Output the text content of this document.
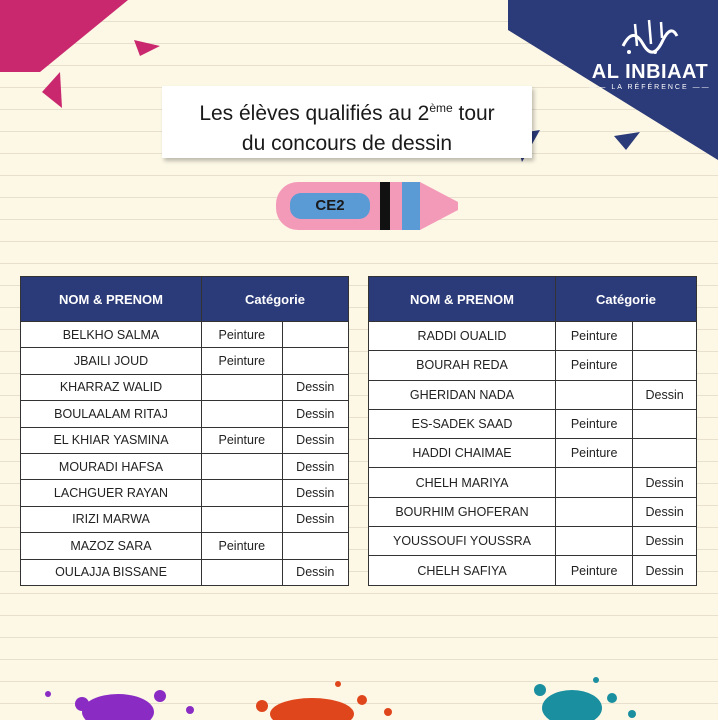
AL INBIAAT
—— LA RÉFÉRENCE ——
Les élèves qualifiés au 2ème tour
du concours de dessin
CE2
NOM & PRENOM	Catégorie	
BELKHO SALMA	Peinture	
JBAILI JOUD	Peinture	
KHARRAZ WALID		Dessin
BOULAALAM RITAJ		Dessin
EL KHIAR YASMINA	Peinture	Dessin
MOURADI HAFSA		Dessin
LACHGUER RAYAN		Dessin
IRIZI MARWA		Dessin
MAZOZ SARA	Peinture	
OULAJJA BISSANE		Dessin
NOM & PRENOM	Catégorie	
RADDI OUALID	Peinture	
BOURAH REDA	Peinture	
GHERIDAN NADA		Dessin
ES-SADEK SAAD	Peinture	
HADDI CHAIMAE	Peinture	
CHELH MARIYA		Dessin
BOURHIM GHOFERAN		Dessin
YOUSSOUFI YOUSSRA		Dessin
CHELH SAFIYA	Peinture	Dessin
